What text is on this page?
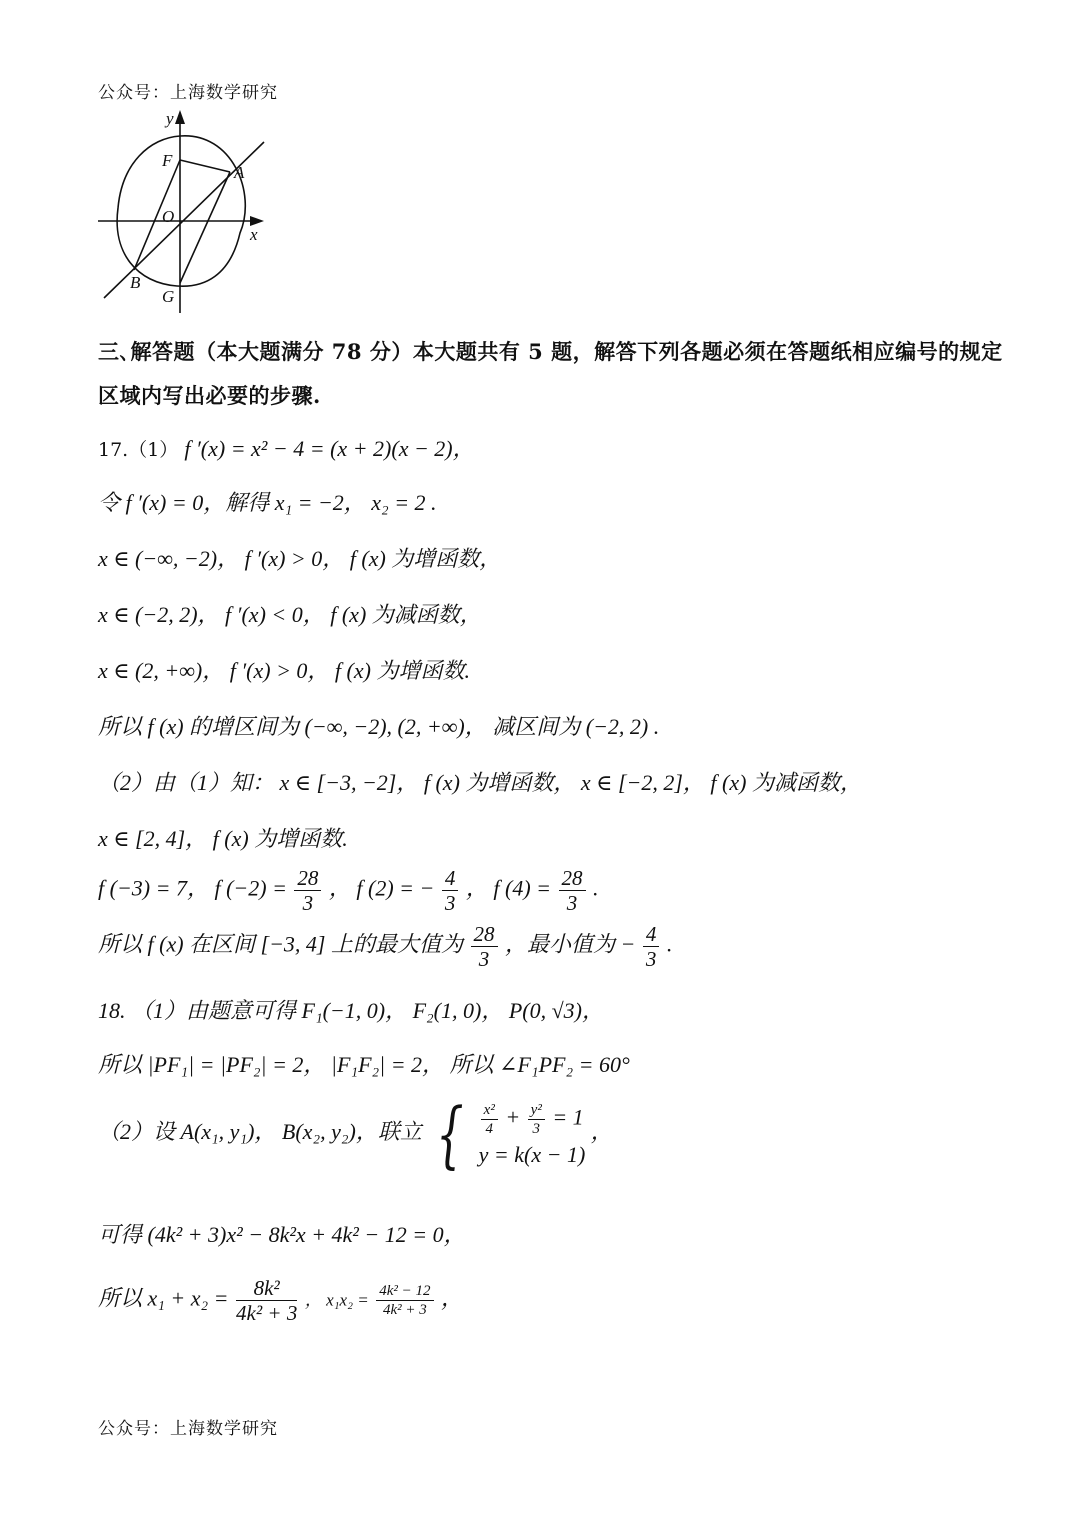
公众号：上海数学研究
y
x
F
A
O
B
G
三､解答题（本大题满分 78 分）本大题共有 5 题，解答下列各题必须在答题纸相应编号的规定
区域内写出必要的步骤.
17.（1） f ′(x) = x² − 4 = (x + 2)(x − 2)，
令 f ′(x) = 0，解得 x₁ = −2， x₂ = 2 .
x ∈ (−∞, −2)， f ′(x) > 0， f (x) 为增函数，
x ∈ (−2, 2)， f ′(x) < 0， f (x) 为减函数，
x ∈ (2, +∞)， f ′(x) > 0， f (x) 为增函数.
所以 f (x) 的增区间为 (−∞, −2), (2, +∞)， 减区间为 (−2, 2) .
（2）由（1）知： x ∈ [−3, −2]， f (x) 为增函数， x ∈ [−2, 2]， f (x) 为减函数，
x ∈ [2, 4]， f (x) 为增函数.
f (−3) = 7， f $(-2) = \frac{28}{3}$ ， f (2) = − $\frac{4}{3}$ ， f $(4) = \frac{28}{3}$ .
所以 f (x) 在区间 [−3, 4] 上的最大值为 $\frac{28}{3}$ ，最小值为 − $\frac{4}{3}$ .
18. （1）由题意可得 F₁(−1, 0)， F₂(1, 0)， P(0, √3)，
所以 |PF₁| = |PF₂| = 2， |F₁F₂| = 2， 所以 ∠F₁PF₂ = 60°
（2）设 A(x₁, y₁)， B(x₂, y₂)，联立 { $\frac{\text{x²}}{4} + \frac{\text{y²}}{3} = 1$
y = k(x − 1)
，
可得 (4k² + 3)x² − 8k²x + 4k² − 12 = 0，
所以 $x_1 + x_2 = \frac{\text{8k²}}{\text{4k² + 3}}$ ， $x_1x_2 = \frac{\text{4k² − 12}}{\text{4k² + 3}}$ ，
公众号：上海数学研究
